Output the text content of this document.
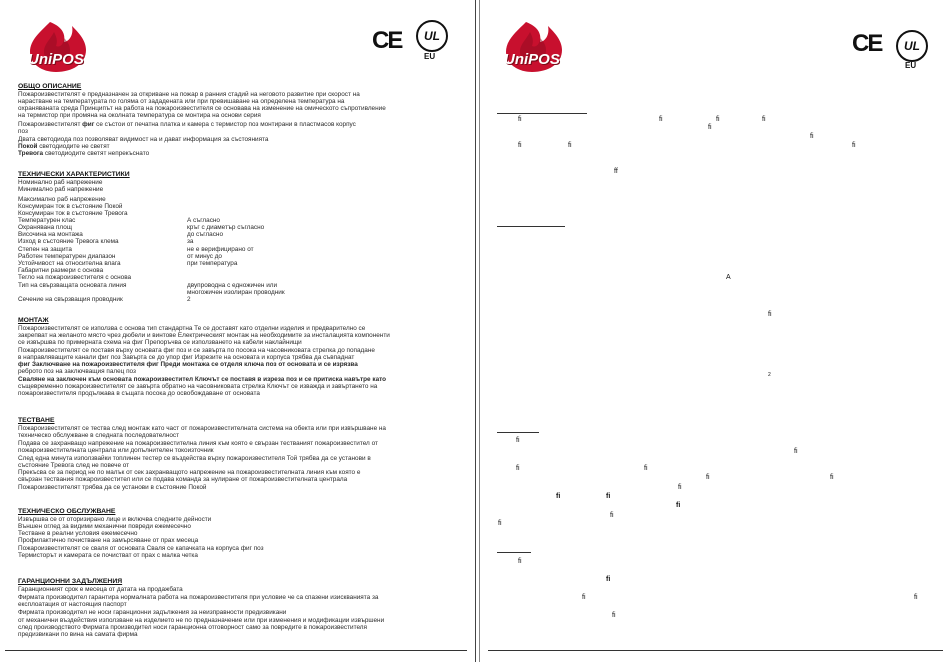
UniPOS
CE	UL
EU
ОБЩО ОПИСАНИЕ
Пожароизвестителят е предназначен за откриване на пожар в ранния стадий на неговото развитие при скорост на
нарастване на температурата по голяма от зададената или при превишаване на определена температура на
охраняваната среда Принципът на работа на пожароизвестителя се основава на изменение на омическото съпротивление
на термистор при промяна на околната температура се монтира на основи серия
Пожароизвестителят фиг се състои от печатна платка и камера с термистор поз монтирани в пластмасов корпус
поз
Двата светодиода поз позволяват видимост на и дават информация за състоянията
Покой светодиодите не светят
Тревога светодиодите светят непрекъснато
ТЕХНИЧЕСКИ ХАРАКТЕРИСТИКИ
Номинално раб напрежение
Минимално раб напрежение
Максимално раб напрежение
Консумиран ток в състояние Покой
Консумиран ток в състояние Тревога
Температурен клас	А съгласно
Охранявана площ	кръг с диаметър съгласно
Височина на монтажа	до съгласно
Изход в състояние Тревога клема	за
Степен на защита	не е верифицирано от
Работен температурен диапазон	от минус до
Устойчивост на относителна влага	при температура
Габаритни размери с основа
Тегло на пожароизвестителя с основа
Тип на свързващата основата линия	двупроводна с едножичен или
многожичен изолиран проводник
Сечение на свързващия проводник	2
МОНТАЖ
Пожароизвестителят се използва с основа тип стандартна Те се доставят като отделни изделия и предварително се
закрепват на желаното място чрез дюбели и винтове Електрическият монтаж на необходимите за инсталацията компоненти
се извършва по примерната схема на фиг Препоръчва се използването на кабели наклайнищи
Пожароизвестителят се поставя върху основата фиг поз и се завърта по посока на часовниковата стрелка до попадане
в направляващите канали фиг поз Завърта се до упор фиг Изрезите на основата и корпуса трябва да съвпаднат
фиг Заключване на пожароизвестителя фиг Преди монтажа се отделя ключа поз от основата и се изрязва
реброто поз на заключващия палец поз
Сваляне на заключен към основата пожароизвестител Ключът се поставя в изреза поз и се притиска навътре като
същевременно пожароизвестителят се завърта обратно на часовниковата стрелка Ключът се изважда и завъртането на
пожароизвестителя продължава в същата посока до освобождаване от основата
ТЕСТВАНЕ
Пожароизвестителят се тества след монтаж като част от пожароизвестителната система на обекта или при извършване на
техническо обслужване в следната последователност
Подава се захранващо напрежение на пожароизвестителна линия към която е свързан тестваният пожароизвестител от
пожароизвестителната централа или допълнителен токоизточник
След една минута използвайки топлинен тестер се въздейства върху пожароизвестителя Той трябва да се установи в
състояние Тревога след не повече от
Прекъсва се за период не по малък от сек захранващото напрежение на пожароизвестителната линия към която е
свързан тествания пожароизвестител или се подава команда за нулиране от пожароизвестителната централа
Пожароизвестителят трябва да се установи в състояние Покой
ТЕХНИЧЕСКО ОБСЛУЖВАНЕ
Извършва се от оторизирано лице и включва следните дейности
Външен оглед за видими механични повреди ежемесечно
Тестване в реални условия ежемесечно
Профилактично почистване на замърсяване от прах месеца
Пожароизвестителят се сваля от основата Сваля се капачката на корпуса фиг поз
Термисторът и камерата се почистват от прах с малка четка
ГАРАНЦИОННИ ЗАДЪЛЖЕНИЯ
Гаранционният срок е месеца от датата на продажбата
Фирмата производител гарантира нормалната работа на пожароизвестителя при условие че са спазени изискванията за
експлоатация от настоящия паспорт
Фирмата производител не носи гаранционни задължения за неизправности предизвикани
от механични въздействия използване на изделието не по предназначение или при изменения и модификации извършени
след производството Фирмата производител носи гаранционна отговорност само за повредите в пожароизвестителя
предизвикани по вина на самата фирма
UniPOS
CE	UL
EU
fi	fi	fi	fi
fi
fi
fi	fi	fi
ff
A
fi
2
fi
fi
fi	fi
fi	fi
fi
fi	fi
fi
fi
fi
fi
fi
fi	fi
fi
